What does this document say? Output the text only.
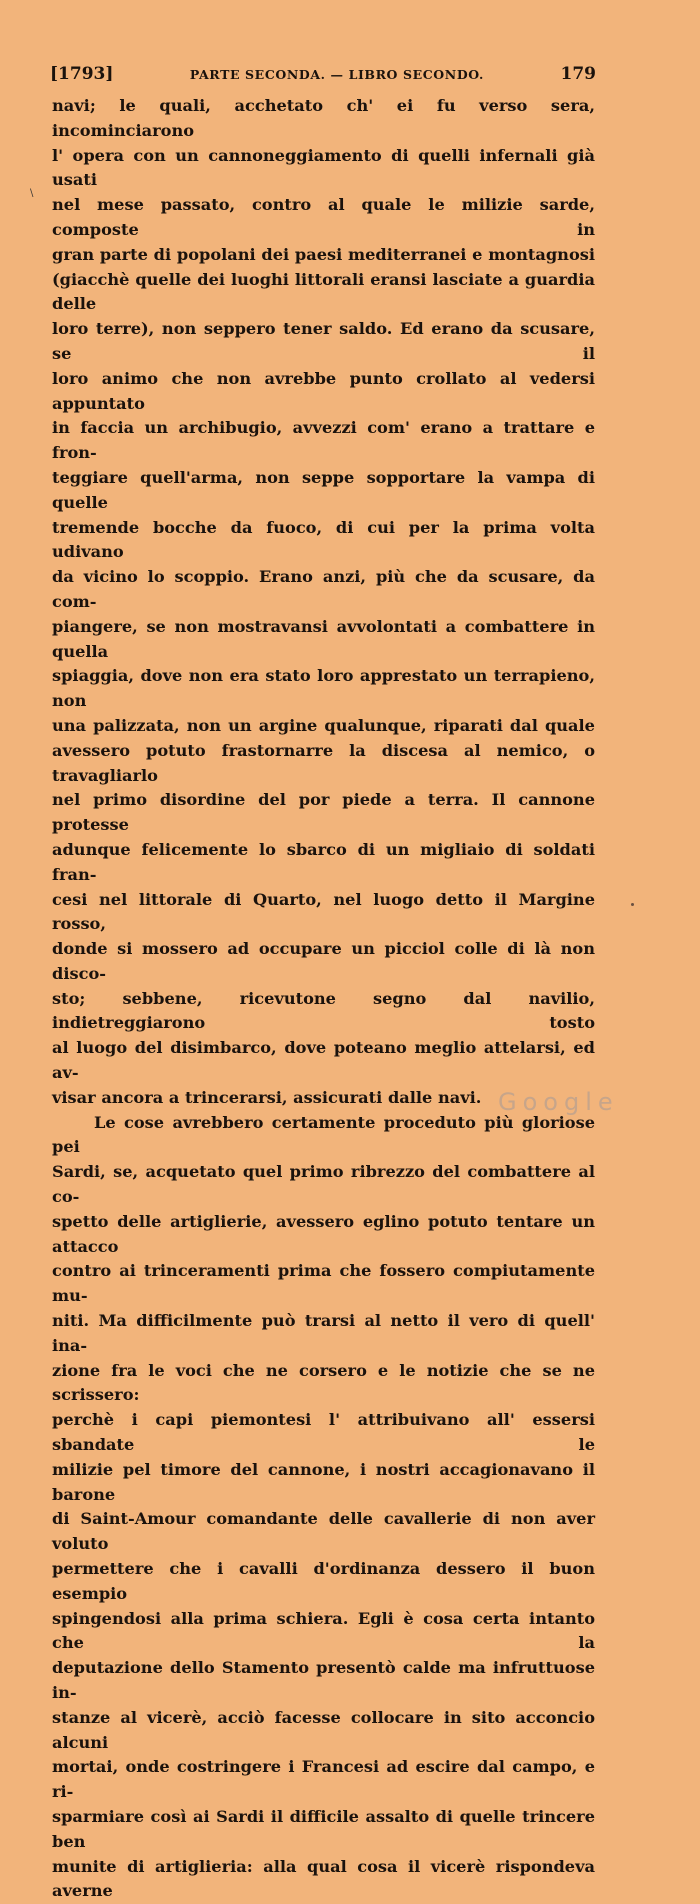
[1793]	PARTE SECONDA. — LIBRO SECONDO.	179
\

navi; le quali, acchetato ch' ei fu verso sera, incominciarono

l' opera con un cannoneggiamento di quelli infernali già usati

nel mese passato, contro al quale le milizie sarde, composte in

gran parte di popolani dei paesi mediterranei e montagnosi

(giacchè quelle dei luoghi littorali eransi lasciate a guardia delle

loro terre), non seppero tener saldo. Ed erano da scusare, se il

loro animo che non avrebbe punto crollato al vedersi appuntato

in faccia un archibugio, avvezzi com' erano a trattare e fron-

teggiare quell'arma, non seppe sopportare la vampa di quelle

tremende bocche da fuoco, di cui per la prima volta udivano

da vicino lo scoppio. Erano anzi, più che da scusare, da com-

piangere, se non mostravansi avvolontati a combattere in quella

spiaggia, dove non era stato loro apprestato un terrapieno, non

una palizzata, non un argine qualunque, riparati dal quale

avessero potuto frastornarre la discesa al nemico, o travagliarlo

nel primo disordine del por piede a terra. Il cannone protesse

adunque felicemente lo sbarco di un migliaio di soldati fran-

cesi nel littorale di Quarto, nel luogo detto il Margine rosso,

donde si mossero ad occupare un picciol colle di là non disco-

sto; sebbene, ricevutone segno dal navilio, indietreggiarono tosto

al luogo del disimbarco, dove poteano meglio attelarsi, ed av-

visar ancora a trincerarsi, assicurati dalle navi.

Le cose avrebbero certamente proceduto più gloriose pei

Sardi, se, acquetato quel primo ribrezzo del combattere al co-

spetto delle artiglierie, avessero eglino potuto tentare un attacco

contro ai trinceramenti prima che fossero compiutamente mu-

niti. Ma difficilmente può trarsi al netto il vero di quell' ina-

zione fra le voci che ne corsero e le notizie che se ne scrissero:

perchè i capi piemontesi l' attribuivano all' essersi sbandate le

milizie pel timore del cannone, i nostri accagionavano il barone

di Saint-Amour comandante delle cavallerie di non aver voluto

permettere che i cavalli d'ordinanza dessero il buon esempio

spingendosi alla prima schiera. Egli è cosa certa intanto che la

deputazione dello Stamento presentò calde ma infruttuose in-

stanze al vicerè, acciò facesse collocare in sito acconcio alcuni

mortai, onde costringere i Francesi ad escire dal campo, e ri-

sparmiare così ai Sardi il difficile assalto di quelle trincere ben

munite di artiglieria: alla qual cosa il vicerè rispondeva averne

Google
